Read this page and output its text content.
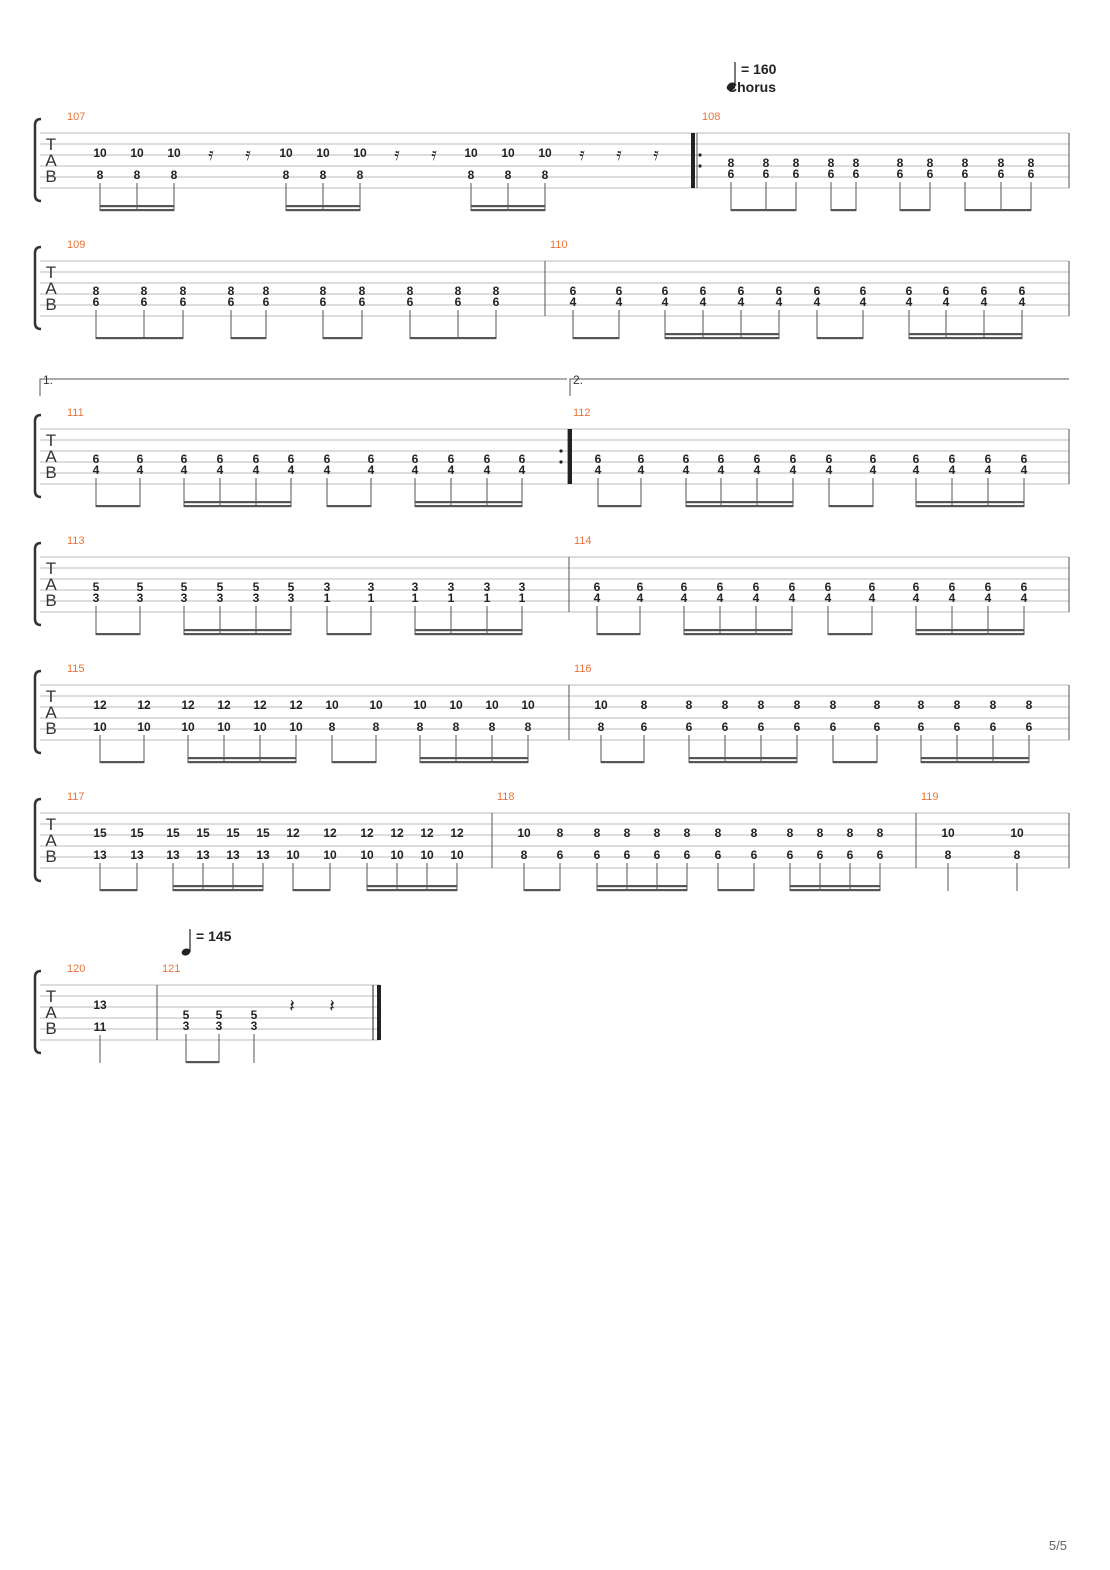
= 160
Chorus
= 145
1.	2.
T
A
B
107
10
8
10
8
10
8
𝄿 𝄿 10
8
10
8
10
8
𝄿 𝄿 10
8
10
8
10
8
𝄿 𝄿 𝄿
108
8
6
8
6
8
6
8
6
8
6
8
6
8
6
8
6
8
6
8
6
T
A
B
109
8
6
8
6
8
6
8
6
8
6
8
6
8
6
8
6
8
6
8
6
110
6
4
6
4
6
4
6
4
6
4
6
4
6
4
6
4
6
4
6
4
6
4
6
4
T
A
B
111
6
4
6
4
6
4
6
4
6
4
6
4
6
4
6
4
6
4
6
4
6
4
6
4
112
6
4
6
4
6
4
6
4
6
4
6
4
6
4
6
4
6
4
6
4
6
4
6
4
T
A
B
113
5
3
5
3
5
3
5
3
5
3
5
3
3
1
3
1
3
1
3
1
3
1
3
1
114
6
4
6
4
6
4
6
4
6
4
6
4
6
4
6
4
6
4
6
4
6
4
6
4
T
A
B
115
12
10
12
10
12
10
12
10
12
10
12
10
10
8
10
8
10
8
10
8
10
8
10
8
116
10
8
8
6
8
6
8
6
8
6
8
6
8
6
8
6
8
6
8
6
8
6
8
6
T
A
B
117
15
13
15
13
15
13
15
13
15
13
15
13
12
10
12
10
12
10
12
10
12
10
12
10
118
10
8
8
6
8
6
8
6
8
6
8
6
8
6
8
6
8
6
8
6
8
6
8
6
119
10
8
10
8
T
A
B
120
13
11
121
5
3
5
3
5
3
𝄽 𝄽
5/5
